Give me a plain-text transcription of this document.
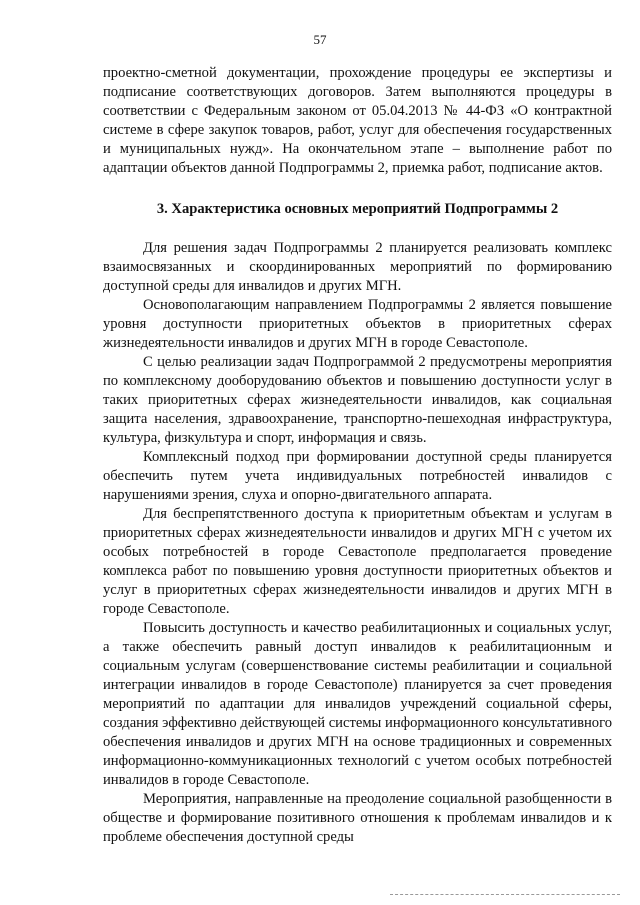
57

проектно-сметной документации, прохождение процедуры ее экспертизы и подписание соответствующих договоров. Затем выполняются процедуры в соответствии с Федеральным законом от 05.04.2013 № 44-ФЗ «О контрактной системе в сфере закупок товаров, работ, услуг для обеспечения государственных и муниципальных нужд». На окончательном этапе – выполнение работ по адаптации объектов данной Подпрограммы 2, приемка работ, подписание актов.

3. Характеристика основных мероприятий Подпрограммы 2

Для решения задач Подпрограммы 2 планируется реализовать комплекс взаимосвязанных и скоординированных мероприятий по формированию доступной среды для инвалидов и других МГН.

Основополагающим направлением Подпрограммы 2 является повышение уровня доступности приоритетных объектов в приоритетных сферах жизнедеятельности инвалидов и других МГН в городе Севастополе.

С целью реализации задач Подпрограммой 2 предусмотрены мероприятия по комплексному дооборудованию объектов и повышению доступности услуг в таких приоритетных сферах жизнедеятельности инвалидов, как социальная защита населения, здравоохранение, транспортно-пешеходная инфраструктура, культура, физкультура и спорт, информация и связь.

Комплексный подход при формировании доступной среды планируется обеспечить путем учета индивидуальных потребностей инвалидов с нарушениями зрения, слуха и опорно-двигательного аппарата.

Для беспрепятственного доступа к приоритетным объектам и услугам в приоритетных сферах жизнедеятельности инвалидов и других МГН с учетом их особых потребностей в городе Севастополе предполагается проведение комплекса работ по повышению уровня доступности приоритетных объектов и услуг в приоритетных сферах жизнедеятельности инвалидов и других МГН в городе Севастополе.

Повысить доступность и качество реабилитационных и социальных услуг, а также обеспечить равный доступ инвалидов к реабилитационным и социальным услугам (совершенствование системы реабилитации и социальной интеграции инвалидов в городе Севастополе) планируется за счет проведения мероприятий по адаптации для инвалидов учреждений социальной сферы, создания эффективно действующей системы информационного консультативного обеспечения инвалидов и других МГН на основе традиционных и современных информационно-коммуникационных технологий с учетом особых потребностей инвалидов в городе Севастополе.

Мероприятия, направленные на преодоление социальной разобщенности в обществе и формирование позитивного отношения к проблемам инвалидов и к проблеме обеспечения доступной среды
